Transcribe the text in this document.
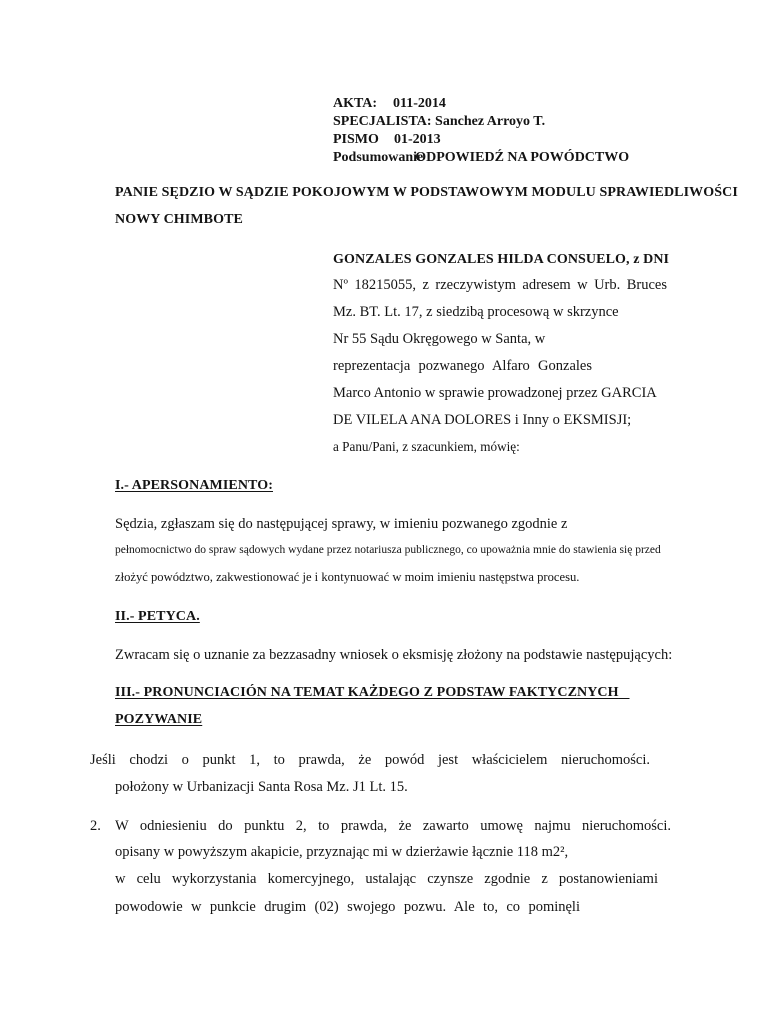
AKTA: 011-2014
SPECJALISTA: Sanchez Arroyo T.
PISMO 01-2013
PodsumowanieODPOWIEDŹ NA POWÓDCTWO
PANIE SĘDZIO W SĄDZIE POKOJOWYM W PODSTAWOWYM MODULU SPRAWIEDLIWOŚCI
NOWY CHIMBOTE
GONZALES GONZALES HILDA CONSUELO, z DNI
Nº 18215055, z rzeczywistym adresem w Urb. Bruces
Mz. BT. Lt. 17, z siedzibą procesową w skrzynce
Nr 55 Sądu Okręgowego w Santa, w
reprezentacja pozwanego Alfaro Gonzales
Marco Antonio w sprawie prowadzonej przez GARCIA
DE VILELA ANA DOLORES i Inny o EKSMISJI;
a Panu/Pani, z szacunkiem, mówię:
I.- APERSONAMIENTO:
Sędzia, zgłaszam się do następującej sprawy, w imieniu pozwanego zgodnie z
pełnomocnictwo do spraw sądowych wydane przez notariusza publicznego, co upoważnia mnie do stawienia się przed
złożyć powództwo, zakwestionować je i kontynuować w moim imieniu następstwa procesu.
II.- PETYCA.
Zwracam się o uznanie za bezzasadny wniosek o eksmisję złożony na podstawie następujących:
III.- PRONUNCIACIÓN NA TEMAT KAŻDEGO Z PODSTAW FAKTYCZNYCH
POZYWANIE
Jeśli chodzi o punkt 1, to prawda, że powód jest właścicielem nieruchomości.
położony w Urbanizacji Santa Rosa Mz. J1 Lt. 15.
2. W odniesieniu do punktu 2, to prawda, że zawarto umowę najmu nieruchomości.
opisany w powyższym akapicie, przyznając mi w dzierżawie łącznie 118 m2²,
w celu wykorzystania komercyjnego, ustalając czynsze zgodnie z postanowieniami
powodowie w punkcie drugim (02) swojego pozwu. Ale to, co pominęli
